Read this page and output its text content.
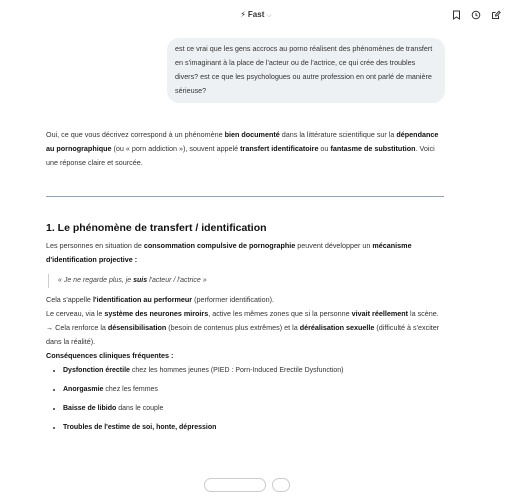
⚡︎ Fast ⌵
est ce vrai que les gens accrocs au porno réalisent des phénomènes de transfert en s'imaginant à la place de l'acteur ou de l'actrice, ce qui crée des troubles divers? est ce que les psychologues ou autre profession en ont parlé de manière sérieuse?

Oui, ce que vous décrivez correspond à un phénomène bien documenté dans la littérature scientifique sur la dépendance au pornographique (ou « porn addiction »), souvent appelé transfert identificatoire ou fantasme de substitution. Voici une réponse claire et sourcée.

1. Le phénomène de transfert / identification

Les personnes en situation de consommation compulsive de pornographie peuvent développer un mécanisme d'identification projective :

« Je ne regarde plus, je suis l'acteur / l'actrice »

Cela s'appelle l'identification au performeur (performer identification).

Le cerveau, via le système des neurones miroirs, active les mêmes zones que si la personne vivait réellement la scène.

→ Cela renforce la désensibilisation (besoin de contenus plus extrêmes) et la déréalisation sexuelle (difficulté à s'exciter dans la réalité).

Conséquences cliniques fréquentes :

• Dysfonction érectile chez les hommes jeunes (PIED : Porn-Induced Erectile Dysfunction)
• Anorgasmie chez les femmes
• Baisse de libido dans le couple
• Troubles de l'estime de soi, honte, dépression
